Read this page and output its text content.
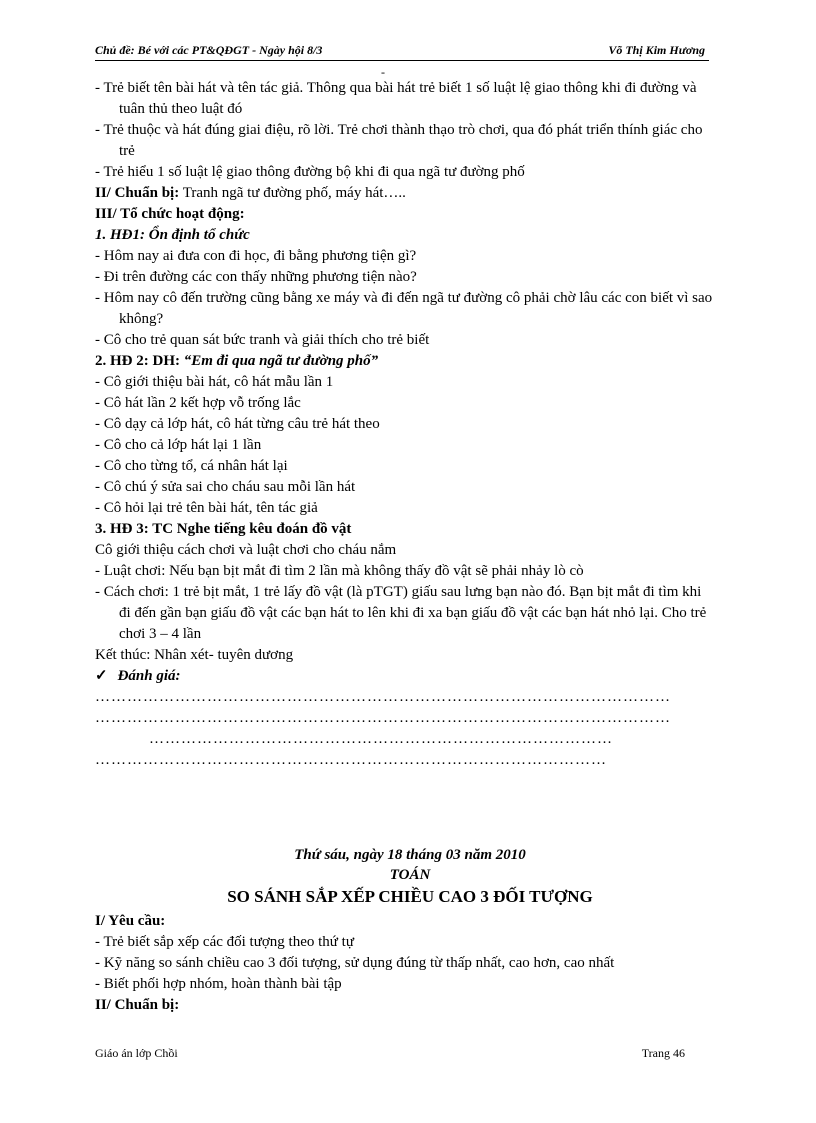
Chủ đề: Bé với các PT&QĐGT - Ngày hội 8/3	Võ Thị Kim Hương
-

- Trẻ biết tên bài hát và tên tác giả. Thông qua bài hát trẻ biết 1 số luật lệ giao thông khi đi đường và tuân thủ theo luật đó

- Trẻ thuộc và hát đúng giai điệu, rõ lời. Trẻ chơi thành thạo trò chơi, qua đó phát triển thính giác cho trẻ

- Trẻ hiểu 1 số luật lệ giao thông đường bộ khi đi qua ngã tư đường phố

II/ Chuẩn bị: Tranh ngã tư đường phố, máy hát…..

III/ Tổ chức hoạt động:

1. HĐ1: Ổn định tổ chức

- Hôm nay ai đưa con đi học, đi bằng phương tiện gì?

- Đi trên đường các con thấy những phương tiện nào?

- Hôm nay cô đến trường cũng bằng xe máy và đi đến ngã tư đường cô phải chờ lâu các con biết vì sao không?

- Cô cho trẻ quan sát bức tranh và giải thích cho trẻ biết

2. HĐ 2: DH: “Em đi qua ngã tư đường phố”

- Cô giới thiệu bài hát, cô hát mẫu lần 1

- Cô hát lần 2 kết hợp vỗ trống lắc

- Cô dạy cả lớp hát, cô hát từng câu trẻ hát theo

- Cô cho cả lớp hát lại 1 lần

- Cô cho từng tổ, cá nhân hát lại

- Cô chú ý sửa sai cho cháu sau mỗi lần hát

- Cô hỏi lại trẻ tên bài hát, tên tác giả

3. HĐ 3: TC Nghe tiếng kêu đoán đồ vật

Cô giới thiệu cách chơi và luật chơi cho cháu nắm

- Luật chơi: Nếu bạn bịt mắt đi tìm 2 lần mà không thấy đồ vật sẽ phải nhảy lò cò

- Cách chơi: 1 trẻ bịt mắt, 1 trẻ lấy đồ vật (là pTGT) giấu sau lưng bạn nào đó. Bạn bịt mắt đi tìm khi đi đến gần bạn giấu đồ vật các bạn hát to lên khi đi xa bạn giấu đồ vật các bạn hát nhỏ lại. Cho trẻ chơi 3 – 4 lần

Kết thúc: Nhân xét- tuyên dương

✓ Đánh giá:

………………………………………………………………………………………………

………………………………………………………………………………………………

……………………………………………………………………………

……………………………………………………………………………………

Thứ sáu, ngày 18 tháng 03 năm 2010
TOÁN
SO SÁNH SẮP XẾP CHIỀU CAO 3 ĐỐI TƯỢNG

I/ Yêu cầu:

- Trẻ biết sắp xếp các đối tượng theo thứ tự

- Kỹ năng so sánh chiều cao 3 đối tượng, sử dụng đúng từ thấp nhất, cao hơn, cao nhất

- Biết phối hợp nhóm, hoàn thành bài tập

II/ Chuẩn bị:

Giáo án lớp Chồi	Trang 46
